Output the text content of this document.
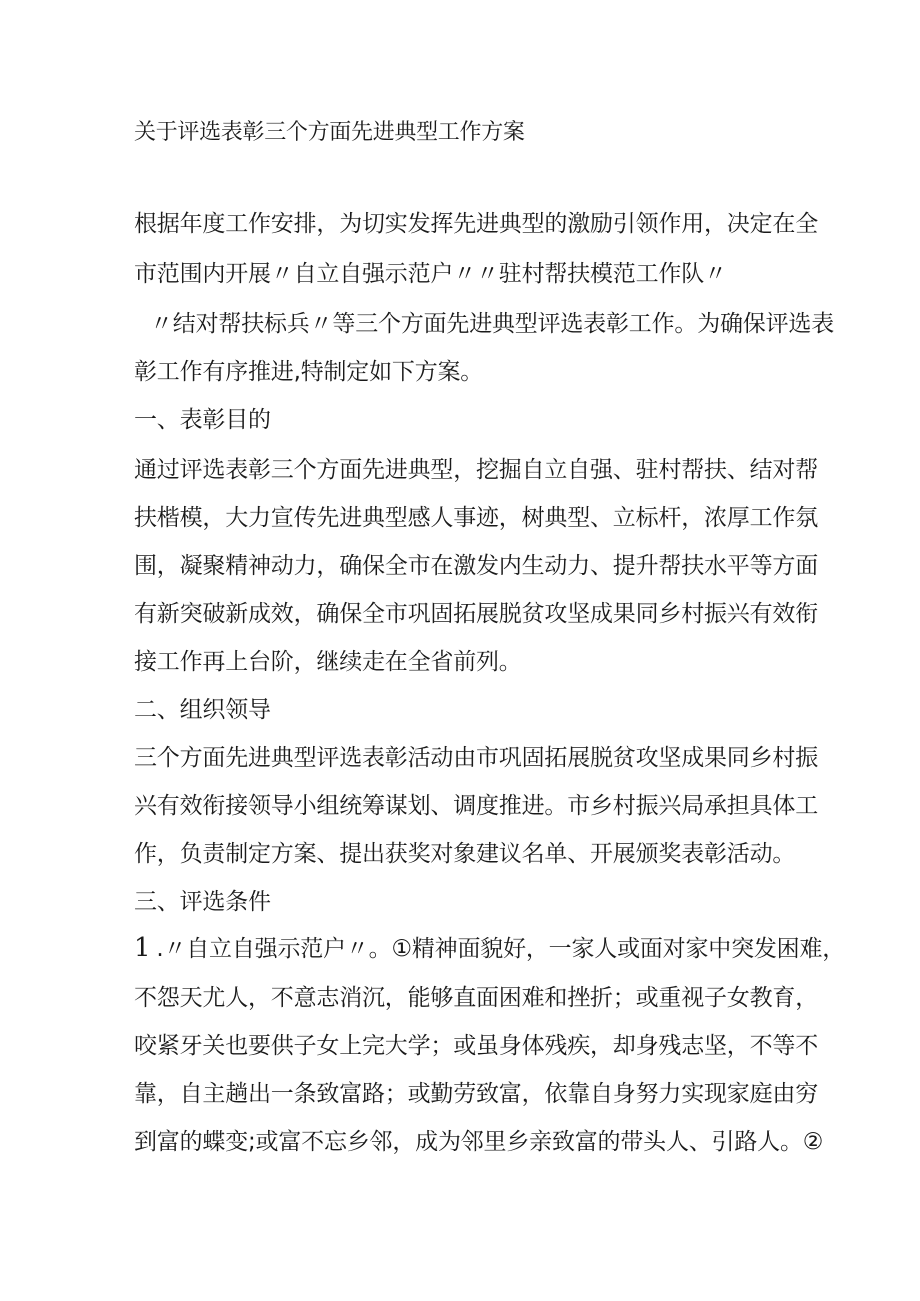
关于评选表彰三个方面先进典型工作方案
根据年度工作安排，为切实发挥先进典型的激励引领作用，决定在全
市范围内开展〃自立自强示范户〃〃驻村帮扶模范工作队〃
〃结对帮扶标兵〃等三个方面先进典型评选表彰工作。为确保评选表
彰工作有序推进,特制定如下方案。
一、表彰目的
通过评选表彰三个方面先进典型，挖掘自立自强、驻村帮扶、结对帮
扶楷模，大力宣传先进典型感人事迹，树典型、立标杆，浓厚工作氛
围，凝聚精神动力，确保全市在激发内生动力、提升帮扶水平等方面
有新突破新成效，确保全市巩固拓展脱贫攻坚成果同乡村振兴有效衔
接工作再上台阶，继续走在全省前列。
二、组织领导
三个方面先进典型评选表彰活动由市巩固拓展脱贫攻坚成果同乡村振
兴有效衔接领导小组统筹谋划、调度推进。市乡村振兴局承担具体工
作，负责制定方案、提出获奖对象建议名单、开展颁奖表彰活动。
三、评选条件
1 .〃自立自强示范户〃。①精神面貌好，一家人或面对家中突发困难，
不怨天尤人，不意志消沉，能够直面困难和挫折；或重视子女教育，
咬紧牙关也要供子女上完大学；或虽身体残疾，却身残志坚，不等不
靠，自主趟出一条致富路；或勤劳致富，依靠自身努力实现家庭由穷
到富的蝶变;或富不忘乡邻，成为邻里乡亲致富的带头人、引路人。②
